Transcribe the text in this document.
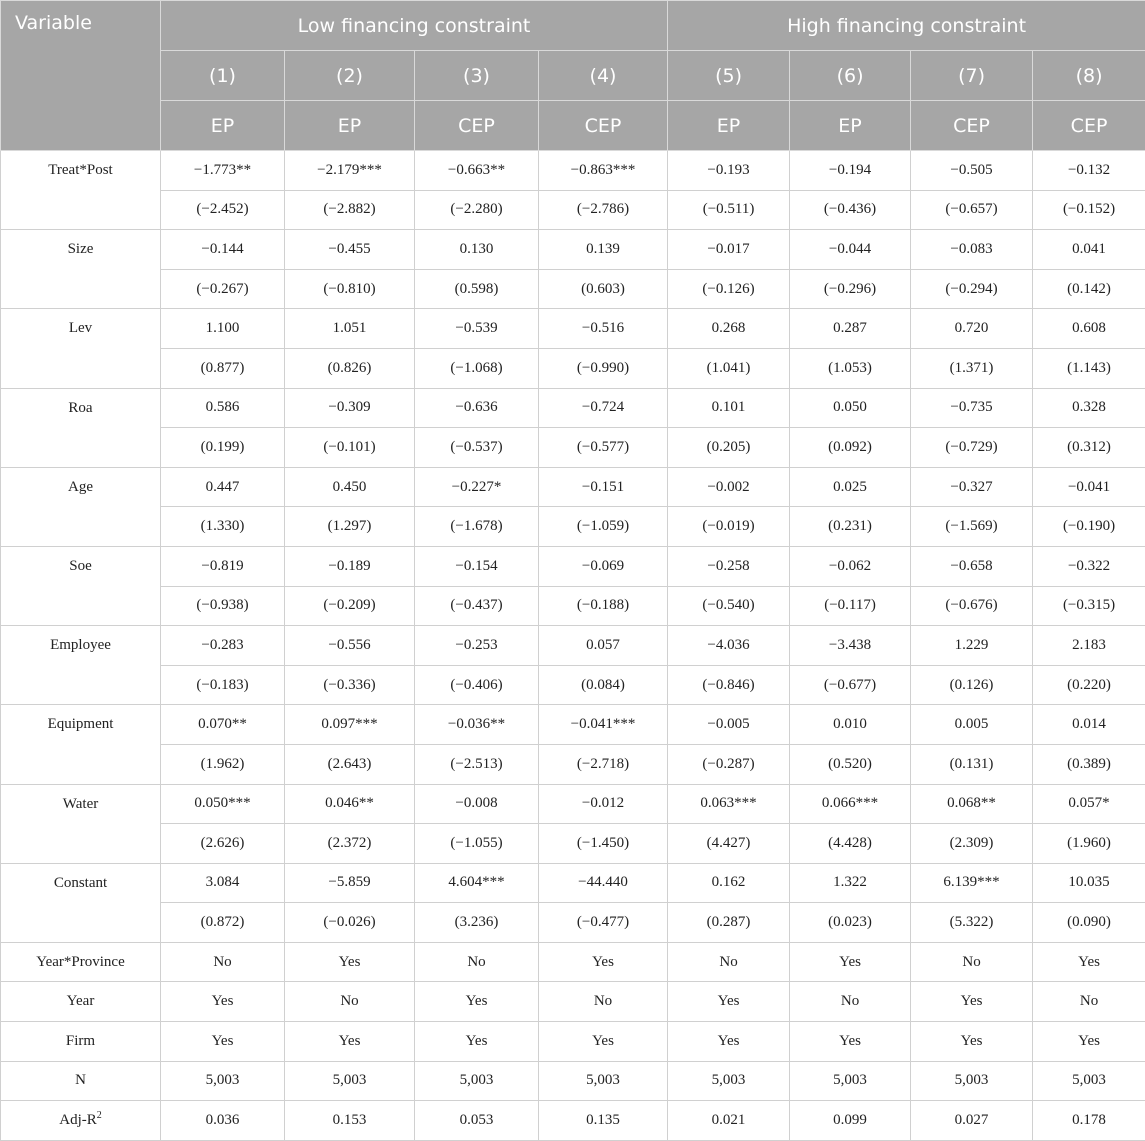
Variable	Low financing constraint				High financing constraint			
	(1)	(2)	(3)	(4)	(5)	(6)	(7)	(8)
	EP	EP	CEP	CEP	EP	EP	CEP	CEP
Treat*Post	−1.773**	−2.179***	−0.663**	−0.863***	−0.193	−0.194	−0.505	−0.132
	(−2.452)	(−2.882)	(−2.280)	(−2.786)	(−0.511)	(−0.436)	(−0.657)	(−0.152)
Size	−0.144	−0.455	0.130	0.139	−0.017	−0.044	−0.083	0.041
	(−0.267)	(−0.810)	(0.598)	(0.603)	(−0.126)	(−0.296)	(−0.294)	(0.142)
Lev	1.100	1.051	−0.539	−0.516	0.268	0.287	0.720	0.608
	(0.877)	(0.826)	(−1.068)	(−0.990)	(1.041)	(1.053)	(1.371)	(1.143)
Roa	0.586	−0.309	−0.636	−0.724	0.101	0.050	−0.735	0.328
	(0.199)	(−0.101)	(−0.537)	(−0.577)	(0.205)	(0.092)	(−0.729)	(0.312)
Age	0.447	0.450	−0.227*	−0.151	−0.002	0.025	−0.327	−0.041
	(1.330)	(1.297)	(−1.678)	(−1.059)	(−0.019)	(0.231)	(−1.569)	(−0.190)
Soe	−0.819	−0.189	−0.154	−0.069	−0.258	−0.062	−0.658	−0.322
	(−0.938)	(−0.209)	(−0.437)	(−0.188)	(−0.540)	(−0.117)	(−0.676)	(−0.315)
Employee	−0.283	−0.556	−0.253	0.057	−4.036	−3.438	1.229	2.183
	(−0.183)	(−0.336)	(−0.406)	(0.084)	(−0.846)	(−0.677)	(0.126)	(0.220)
Equipment	0.070**	0.097***	−0.036**	−0.041***	−0.005	0.010	0.005	0.014
	(1.962)	(2.643)	(−2.513)	(−2.718)	(−0.287)	(0.520)	(0.131)	(0.389)
Water	0.050***	0.046**	−0.008	−0.012	0.063***	0.066***	0.068**	0.057*
	(2.626)	(2.372)	(−1.055)	(−1.450)	(4.427)	(4.428)	(2.309)	(1.960)
Constant	3.084	−5.859	4.604***	−44.440	0.162	1.322	6.139***	10.035
	(0.872)	(−0.026)	(3.236)	(−0.477)	(0.287)	(0.023)	(5.322)	(0.090)
Year*Province	No	Yes	No	Yes	No	Yes	No	Yes
Year	Yes	No	Yes	No	Yes	No	Yes	No
Firm	Yes	Yes	Yes	Yes	Yes	Yes	Yes	Yes
N	5,003	5,003	5,003	5,003	5,003	5,003	5,003	5,003
Adj-$R^2$	0.036	0.153	0.053	0.135	0.021	0.099	0.027	0.178
